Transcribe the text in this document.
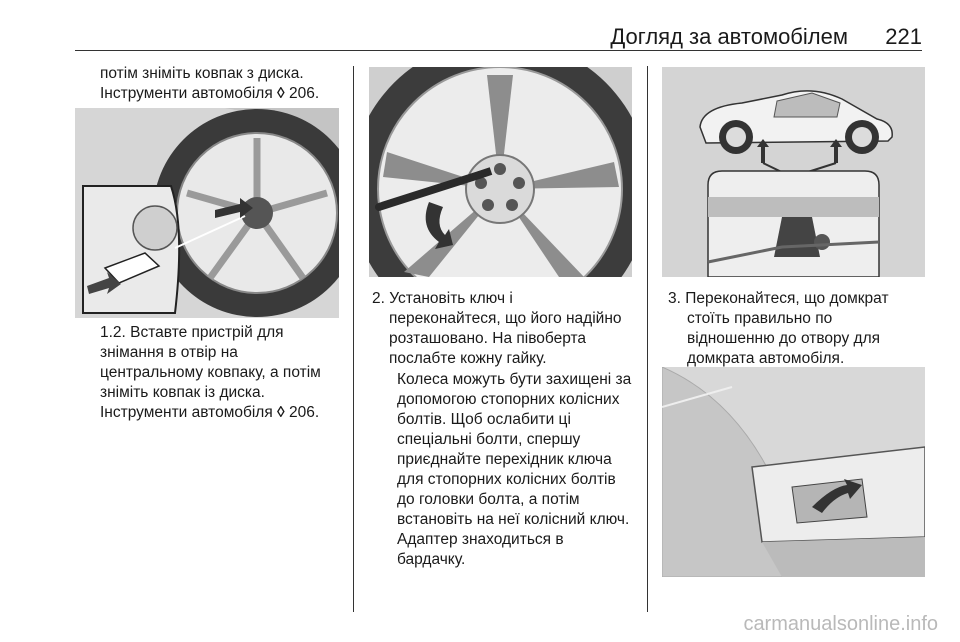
Догляд за автомобілем 221

потім зніміть ковпак з диска.

Інструменти автомобіля ◊ 206.

1.2. Вставте пристрій для

знімання в отвір на

центральному ковпаку, а потім

зніміть ковпак із диска.

Інструменти автомобіля ◊ 206.

2. Установіть ключ і

переконайтеся, що його надійно

розташовано. На півоберта

послабте кожну гайку.

Колеса можуть бути захищені за

допомогою стопорних колісних

болтів. Щоб ослабити ці

спеціальні болти, спершу

приєднайте перехідник ключа

для стопорних колісних болтів

до головки болта, а потім

встановіть на неї колісний ключ.

Адаптер знаходиться в

бардачку.

3. Переконайтеся, що домкрат

стоїть правильно по

відношенню до отвору для

домкрата автомобіля.

carmanualsonline.info
